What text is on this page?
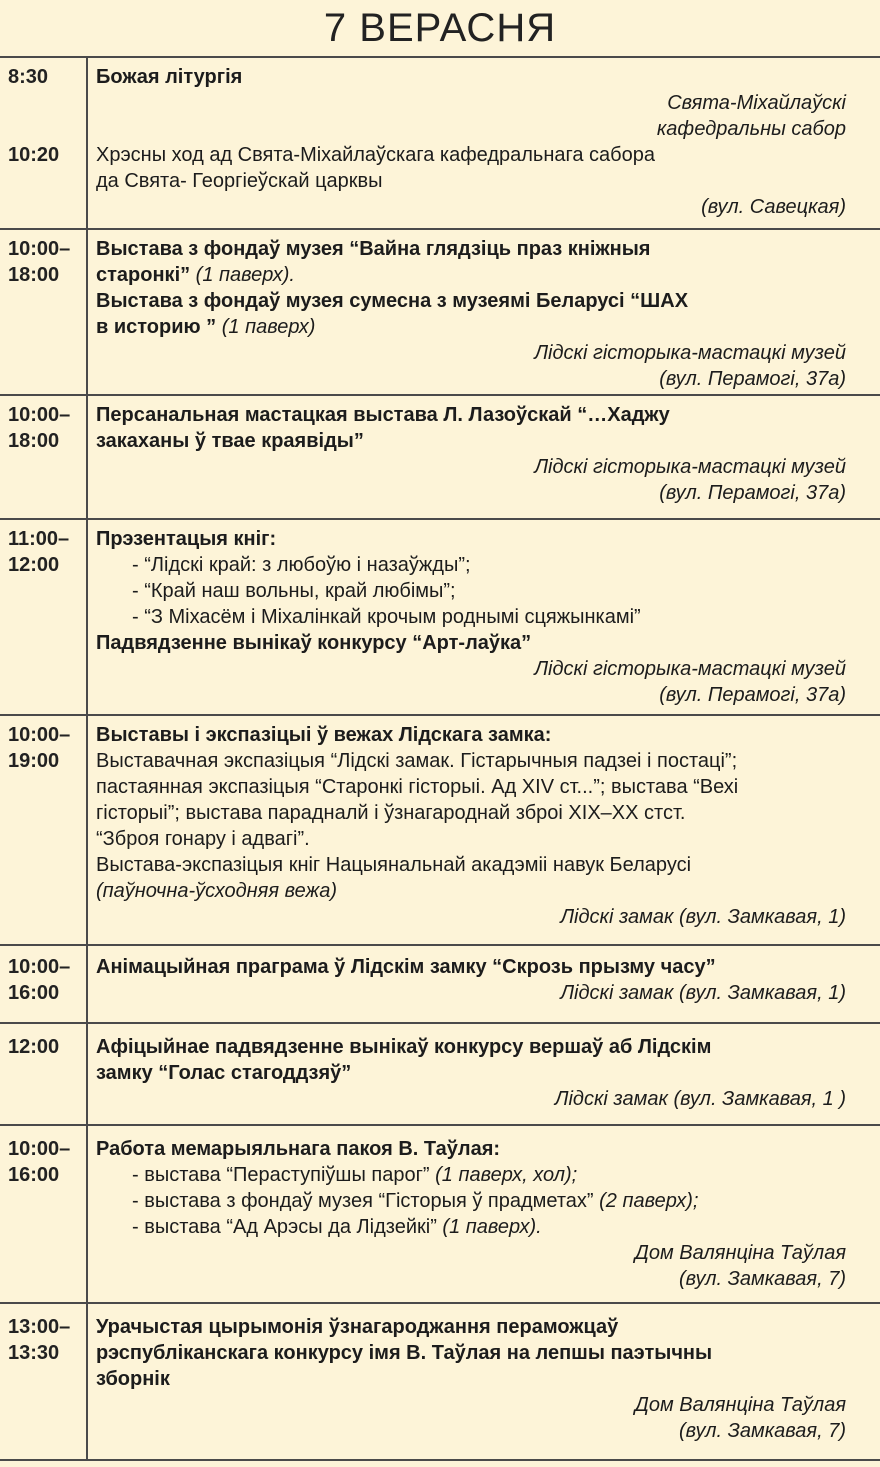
7 ВЕРАСНЯ
8:30
10:20
Божая літургія
Свята-Міхайлаўскі
кафедральны сабор
Хрэсны ход ад Свята-Міхайлаўскага кафедральнага сабора
да Свята- Георгіеўскай царквы
(вул. Савецкая)
10:00–
18:00
Выстава з фондаў музея “Вайна глядзіць праз кніжныя
старонкі” (1 паверх).
Выстава з фондаў музея сумесна з музеямі Беларусі “ШАХ
в историю ” (1 паверх)
Лідскі гісторыка-мастацкі музей
(вул. Перамогі, 37а)
10:00–
18:00
Персанальная мастацкая выстава Л. Лазоўскай “…Хаджу
закаханы ў твае краявіды”
Лідскі гісторыка-мастацкі музей
(вул. Перамогі, 37а)
11:00–
12:00
Прэзентацыя кніг:
- “Лідскі край: з любоўю і назаўжды”;
- “Край наш вольны, край любімы”;
- “З Міхасём і Міхалінкай крочым роднымі сцяжынкамі”
Падвядзенне вынікаў конкурсу “Арт-лаўка”
Лідскі гісторыка-мастацкі музей
(вул. Перамогі, 37а)
10:00–
19:00
Выставы і экспазіцыі ў вежах Лідскага замка:
Выставачная экспазіцыя “Лідскі замак. Гістарычныя падзеі і постаці”;
пастаянная экспазіцыя “Старонкі гісторыі. Ад XIV ст...”; выстава “Вехі
гісторыі”; выстава парадналй і ўзнагароднай зброі XIX–XX стст.
“Зброя гонару і адвагі”.
Выстава-экспазіцыя кніг Нацыянальнай акадэміі навук Беларусі
(паўночна-ўсходняя вежа)
Лідскі замак (вул. Замкавая, 1)
10:00–
16:00
Анімацыйная праграма ў Лідскім замку “Скрозь прызму часу”
Лідскі замак (вул. Замкавая, 1)
12:00	Афіцыйнае падвядзенне вынікаў конкурсу вершаў аб Лідскім
замку “Голас стагоддзяў”
Лідскі замак (вул. Замкавая, 1 )
10:00–
16:00
Работа мемарыяльнага пакоя В. Таўлая:
- выстава “Пераступіўшы парог” (1 паверх, хол);
- выстава з фондаў музея “Гісторыя ў прадметах” (2 паверх);
- выстава “Ад Арэсы да Лідзейкі” (1 паверх).
Дом Валянціна Таўлая
(вул. Замкавая, 7)
13:00–
13:30
Урачыстая цырымонія ўзнагароджання пераможцаў
рэспубліканскага конкурсу імя В. Таўлая на лепшы паэтычны
зборнік
Дом Валянціна Таўлая
(вул. Замкавая, 7)
